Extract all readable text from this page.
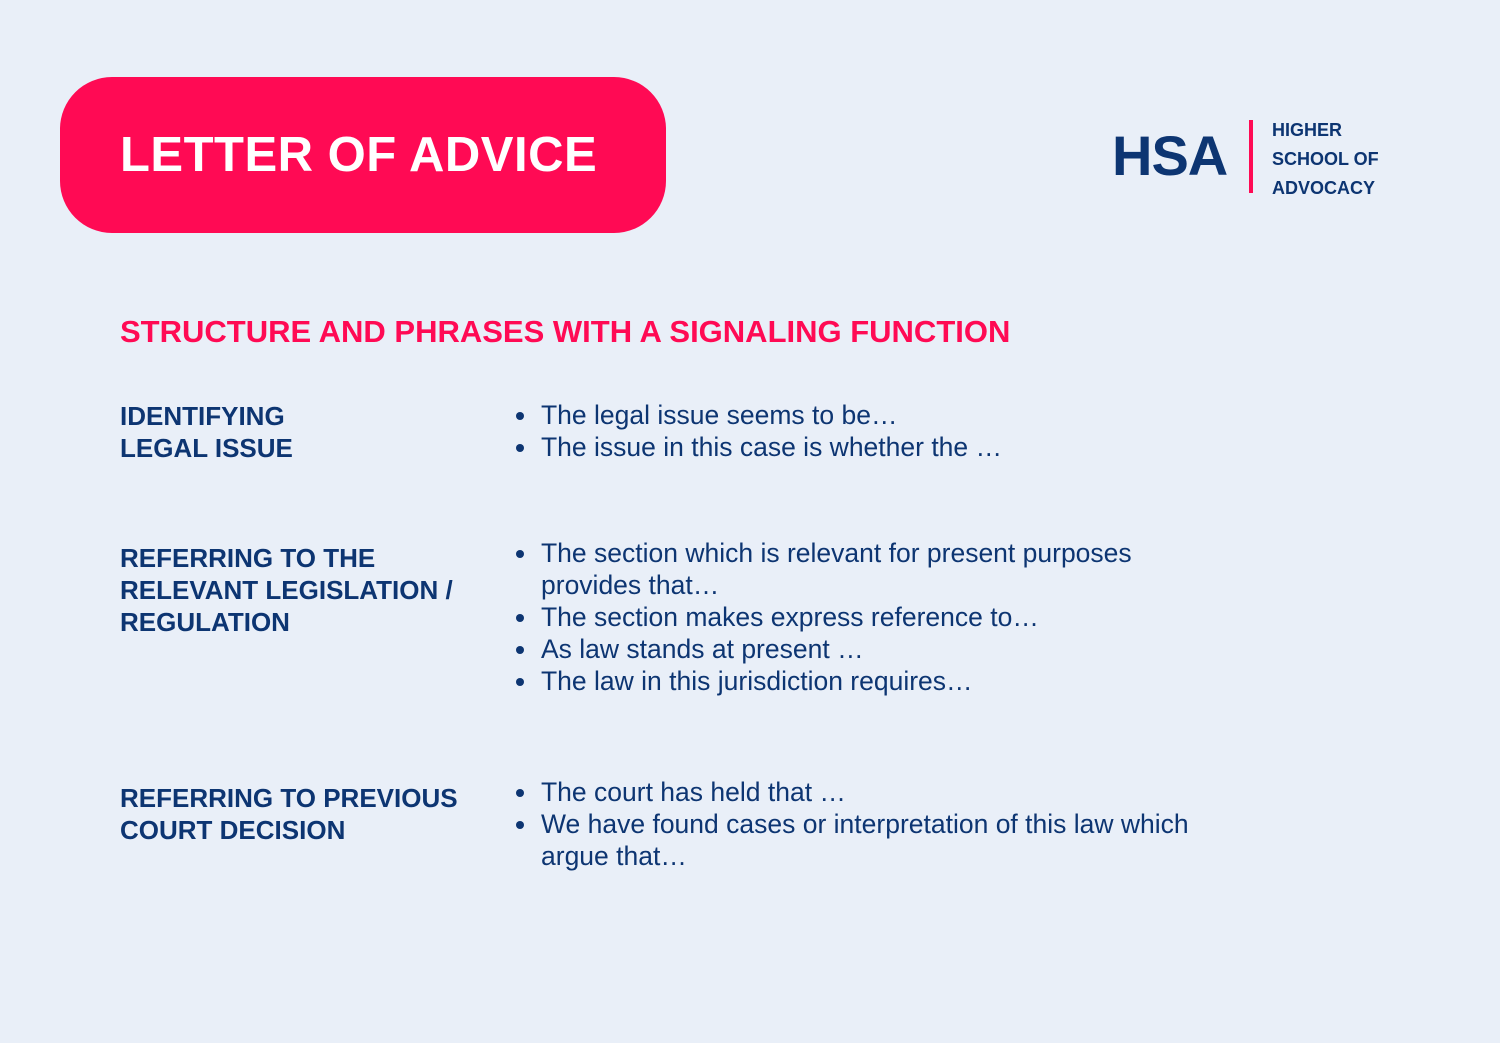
LETTER OF ADVICE	HSA HIGHER
SCHOOL OF
ADVOCACY
STRUCTURE AND PHRASES WITH A SIGNALING FUNCTION
IDENTIFYING
LEGAL ISSUE
The legal issue seems to be…
The issue in this case is whether the …
REFERRING TO THE
RELEVANT LEGISLATION /
REGULATION
The section which is relevant for present purposes provides that…
The section makes express reference to…
As law stands at present …
The law in this jurisdiction requires…
REFERRING TO PREVIOUS
COURT DECISION
The court has held that …
We have found cases or interpretation of this law which argue that…
